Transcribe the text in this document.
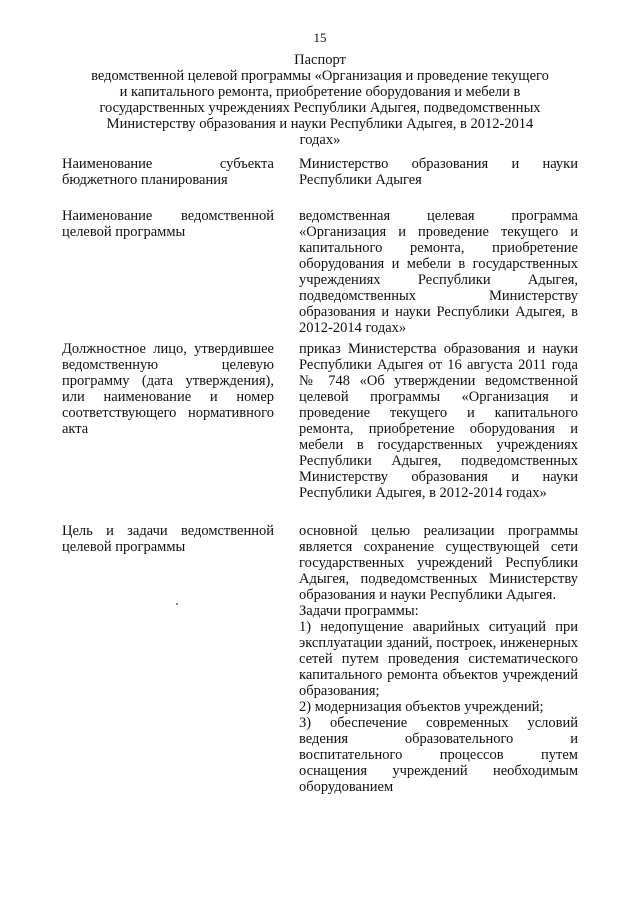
15
Паспорт
ведомственной целевой программы «Организация и проведение текущего и капитального ремонта, приобретение оборудования и мебели в государственных учреждениях Республики Адыгея, подведомственных Министерству образования и науки Республики Адыгея, в 2012-2014 годах»
Наименование субъекта бюджетного планирования
Министерство образования и науки Республики Адыгея
Наименование ведомственной целевой программы
ведомственная целевая программа «Организация и проведение текущего и капитального ремонта, приобретение оборудования и мебели в государственных учреждениях Республики Адыгея, подведомственных Министерству образования и науки Республики Адыгея, в 2012-2014 годах»
Должностное лицо, утвердившее ведомственную целевую программу (дата утверждения), или наименование и номер соответствующего нормативного акта
приказ Министерства образования и науки Республики Адыгея от 16 августа 2011 года № 748 «Об утверждении ведомственной целевой программы «Организация и проведение текущего и капитального ремонта, приобретение оборудования и мебели в государственных учреждениях Республики Адыгея, подведомственных Министерству образования и науки Республики Адыгея, в 2012-2014 годах»
Цель и задачи ведомственной целевой программы
основной целью реализации программы является сохранение существующей сети государственных учреждений Республики Адыгея, подведомственных Министерству образования и науки Республики Адыгея.
Задачи программы:
1) недопущение аварийных ситуаций при эксплуатации зданий, построек, инженерных сетей путем проведения систематического капитального ремонта объектов учреждений образования;
2) модернизация объектов учреждений;
3) обеспечение современных условий ведения образовательного и воспитательного процессов путем оснащения учреждений необходимым оборудованием
